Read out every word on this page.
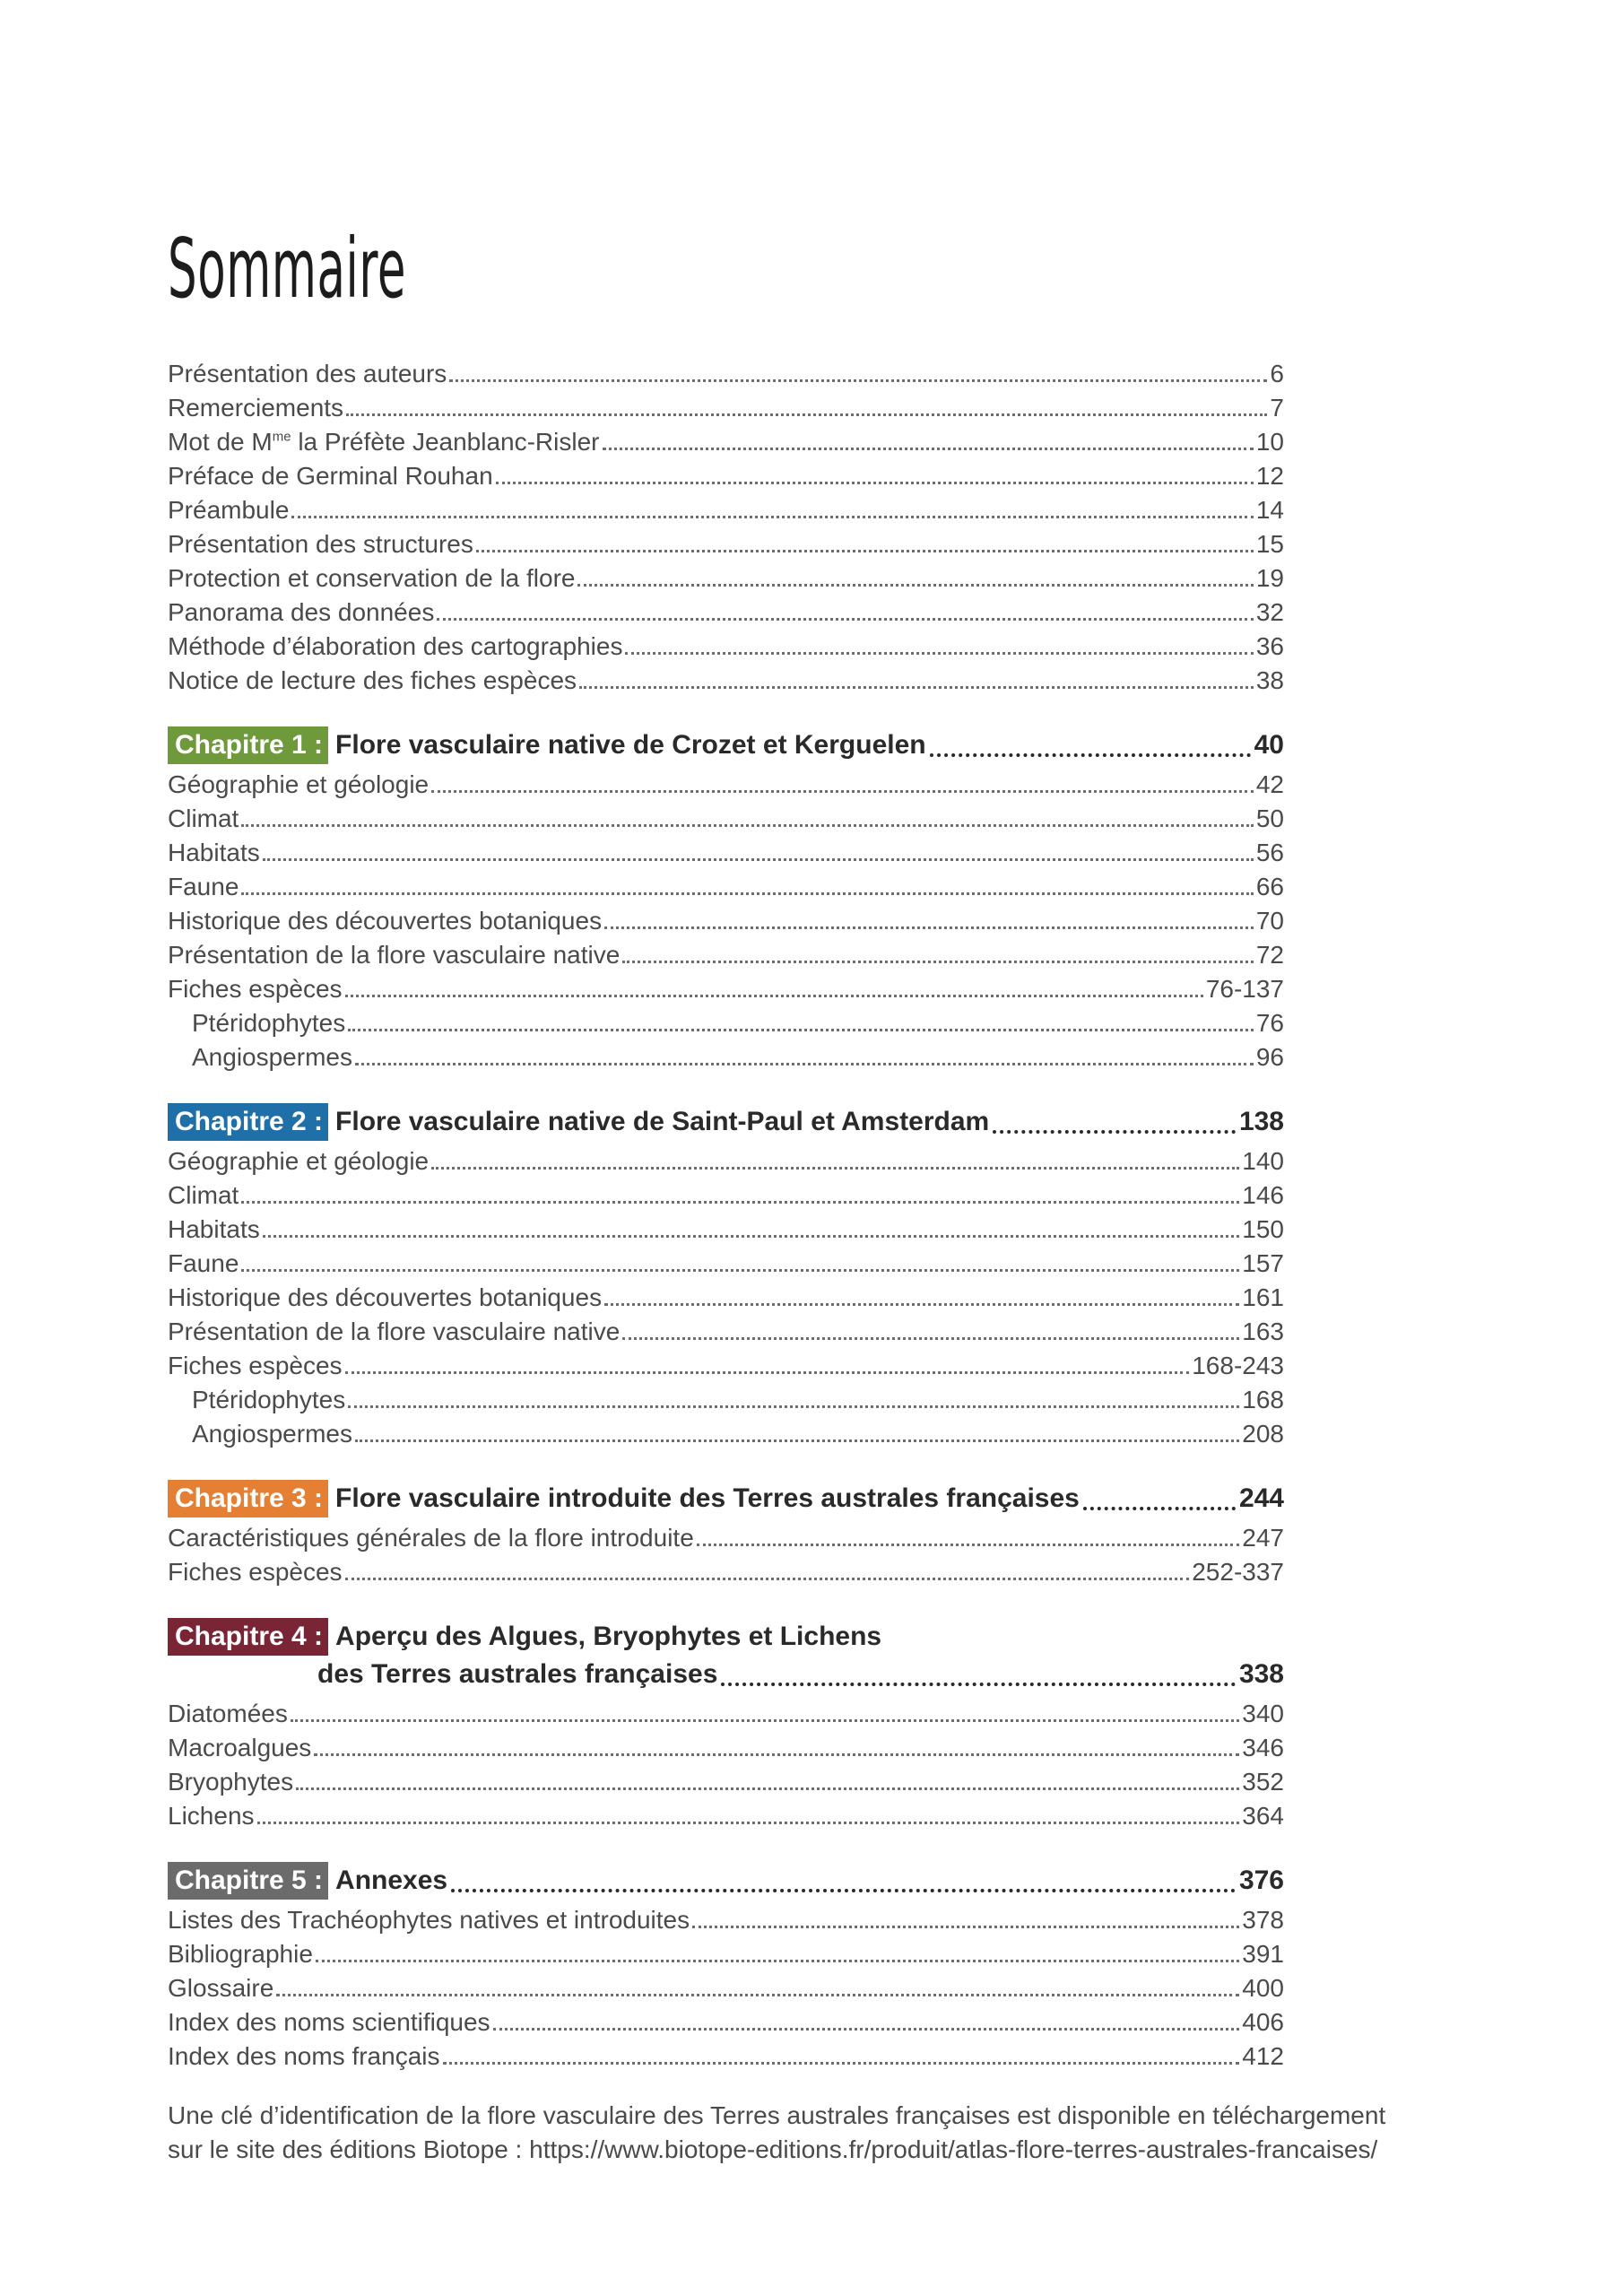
Sommaire
Présentation des auteurs	6
Remerciements	7
Mot de $M^{me}$ la Préfète Jeanblanc-Risler	10
Préface de Germinal Rouhan	12
Préambule	14
Présentation des structures	15
Protection et conservation de la flore	19
Panorama des données	32
Méthode d’élaboration des cartographies	36
Notice de lecture des fiches espèces	38
Chapitre 1 : Flore vasculaire native de Crozet et Kerguelen	40
Géographie et géologie	42
Climat	50
Habitats	56
Faune	66
Historique des découvertes botaniques	70
Présentation de la flore vasculaire native	72
Fiches espèces	76-137
Ptéridophytes	76
Angiospermes	96
Chapitre 2 : Flore vasculaire native de Saint-Paul et Amsterdam	138
Géographie et géologie	140
Climat	146
Habitats	150
Faune	157
Historique des découvertes botaniques	161
Présentation de la flore vasculaire native	163
Fiches espèces	168-243
Ptéridophytes	168
Angiospermes	208
Chapitre 3 : Flore vasculaire introduite des Terres australes françaises	244
Caractéristiques générales de la flore introduite	247
Fiches espèces	252-337
Chapitre 4 : Aperçu des Algues, Bryophytes et Lichens
des Terres australes françaises	338
Diatomées	340
Macroalgues	346
Bryophytes	352
Lichens	364
Chapitre 5 : Annexes	376
Listes des Trachéophytes natives et introduites	378
Bibliographie	391
Glossaire	400
Index des noms scientifiques	406
Index des noms français	412
Une clé d’identification de la flore vasculaire des Terres australes françaises est disponible en téléchargement
sur le site des éditions Biotope : https://www.biotope-editions.fr/produit/atlas-flore-terres-australes-francaises/
